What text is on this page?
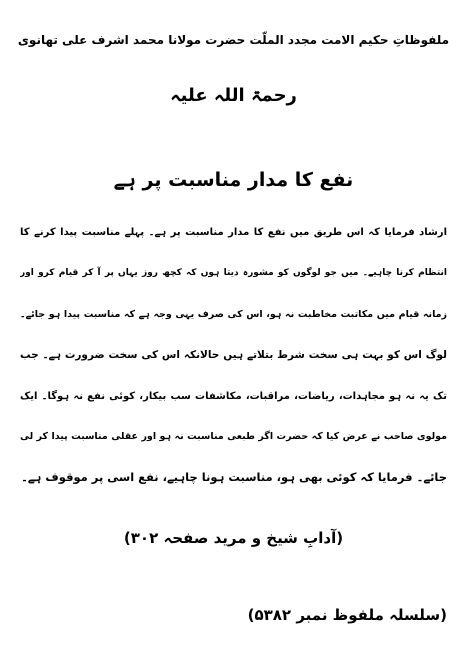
ملفوظاتِ حکیم الامت مجدد الملّت حضرت مولانا محمد اشرف علی تھانوی
رحمۃ اللہ علیہ
نفع کا مدار مناسبت پر ہے
ارشاد فرمایا کہ اس طریق میں نفع کا مدار مناسبت پر ہے۔ پہلے مناسبت پیدا کرنے کا
انتظام کرنا چاہیے۔ میں جو لوگوں کو مشورہ دیتا ہوں کہ کچھ روز یہاں پر آ کر قیام کرو اور
زمانہ قیام میں مکاتبت مخاطبت نہ ہو، اس کی صرف یہی وجہ ہے کہ مناسبت پیدا ہو جائے۔
لوگ اس کو بہت ہی سخت شرط بتلاتے ہیں حالانکہ اس کی سخت ضرورت ہے۔ جب
تک یہ نہ ہو مجاہدات، ریاضات، مراقبات، مکاشفات سب بیکار، کوئی نفع نہ ہوگا۔ ایک
مولوی صاحب نے عرض کیا کہ حضرت اگر طبعی مناسبت نہ ہو اور عقلی مناسبت پیدا کر لی
جائے۔ فرمایا کہ کوئی بھی ہو، مناسبت ہونا چاہیے، نفع اسی پر موقوف ہے۔
(آدابِ شیخ و مرید صفحہ ۳۰۲)
(سلسلہ ملفوظ نمبر ۵۳۸۲)
